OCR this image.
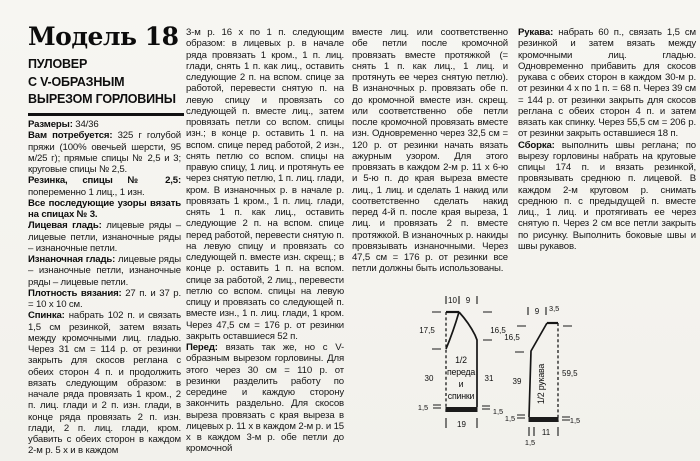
Модель 18
ПУЛОВЕР
С V-ОБРАЗНЫМ
ВЫРЕЗОМ ГОРЛОВИНЫ

Размеры: 34/36

Вам потребуется: 325 г голубой пряжи (100% овечьей шерсти, 95 м/25 г); прямые спицы № 2,5 и 3; круговые спицы № 2,5.

Резинка, спицы № 2,5: попеременно 1 лиц., 1 изн.

Все последующие узоры вязать на спицах № 3.

Лицевая гладь: лицевые ряды – лицевые петли, изнаночные ряды – изнаночные петли.

Изнаночная гладь: лицевые ряды – изнаночные петли, изнаночные ряды – лицевые петли.

Плотность вязания: 27 п. и 37 р. = 10 х 10 см.

Спинка: набрать 102 п. и связать 1,5 см резинкой, затем вязать между кромочными лиц. гладью. Через 31 см = 114 р. от резинки закрыть для скосов реглана с обеих сторон 4 п. и продолжить вязать следующим образом: в начале ряда провязать 1 кром., 2 п. лиц. глади и 2 п. изн. глади, в конце ряда провязать 2 п. изн. глади, 2 п. лиц. глади, кром. убавить с обеих сторон в каждом 2-м р. 5 х и в каждом

3-м р. 16 х по 1 п. следующим образом: в лицевых р. в начале ряда провязать 1 кром., 1 п. лиц. глади, снять 1 п. как лиц., оставить следующие 2 п. на вспом. спице за работой, перевести снятую п. на левую спицу и провязать со следующей п. вместе лиц., затем провязать петли со вспом. спицы изн.; в конце р. оставить 1 п. на вспом. спице перед работой, 2 изн., снять петлю со вспом. спицы на правую спицу, 1 лиц. и протянуть ее через снятую петлю, 1 п. лиц. глади, кром. В изнаночных р. в начале р. провязать 1 кром., 1 п. лиц. глади, снять 1 п. как лиц., оставить следующие 2 п. на вспом. спице перед работой, перевести снятую п. на левую спицу и провязать со следующей п. вместе изн. скрещ.; в конце р. оставить 1 п. на вспом. спице за работой, 2 лиц., перевести петлю со вспом. спицы на левую спицу и провязать со следующей п. вместе изн., 1 п. лиц. глади, 1 кром. Через 47,5 см = 176 р. от резинки закрыть оставшиеся 52 п.

Перед: вязать так же, но с V-образным вырезом горловины. Для этого через 30 см = 110 р. от резинки разделить работу по середине и каждую сторону закончить раздельно. Для скосов выреза провязать с края выреза в лицевых р. 11 х в каждом 2-м р. и 15 х в каждом 3-м р. обе петли до кромочной

вместе лиц. или соответственно обе петли после кромочной провязать вместе протяжкой (= снять 1 п. как лиц., 1 лиц. и протянуть ее через снятую петлю). В изнаночных р. провязать обе п. до кромочной вместе изн. скрещ. или соответственно обе петли после кромочной провязать вместе изн. Одновременно через 32,5 см = 120 р. от резинки начать вязать ажурным узором. Для этого провязать в каждом 2-м р. 11 х 6-ю и 5-ю п. до края выреза вместе лиц., 1 лиц. и сделать 1 накид или соответственно сделать накид перед 4-й п. после края выреза, 1 лиц. и провязать 2 п. вместе протяжкой. В изнаночных р. накиды провязывать изнаночными. Через 47,5 см = 176 р. от резинки все петли должны быть использованы.

Рукава: набрать 60 п., связать 1,5 см резинкой и затем вязать между кромочными лиц. гладью. Одновременно прибавить для скосов рукава с обеих сторон в каждом 30-м р. от резинки 4 х по 1 п. = 68 п. Через 39 см = 144 р. от резинки закрыть для скосов реглана с обеих сторон 4 п. и затем вязать как спинку. Через 55,5 см = 206 р. от резинки закрыть оставшиеся 18 п.

Сборка: выполнить швы реглана; по вырезу горловины набрать на круговые спицы 174 п. и вязать резинкой, провязывать среднюю п. лицевой. В каждом 2-м круговом р. снимать среднюю п. с предыдущей п. вместе лиц., 1 лиц. и протягивать ее через снятую п. Через 2 см все петли закрыть по рисунку. Выполнить боковые швы и швы рукавов.

10 9
17,5
30
1,5
16,5
31
1,5
19
1/2
переда
и
спинки
9 3,5
16,5
39
1,5
59,5
1,5
1,5
11
1/2 рукава
